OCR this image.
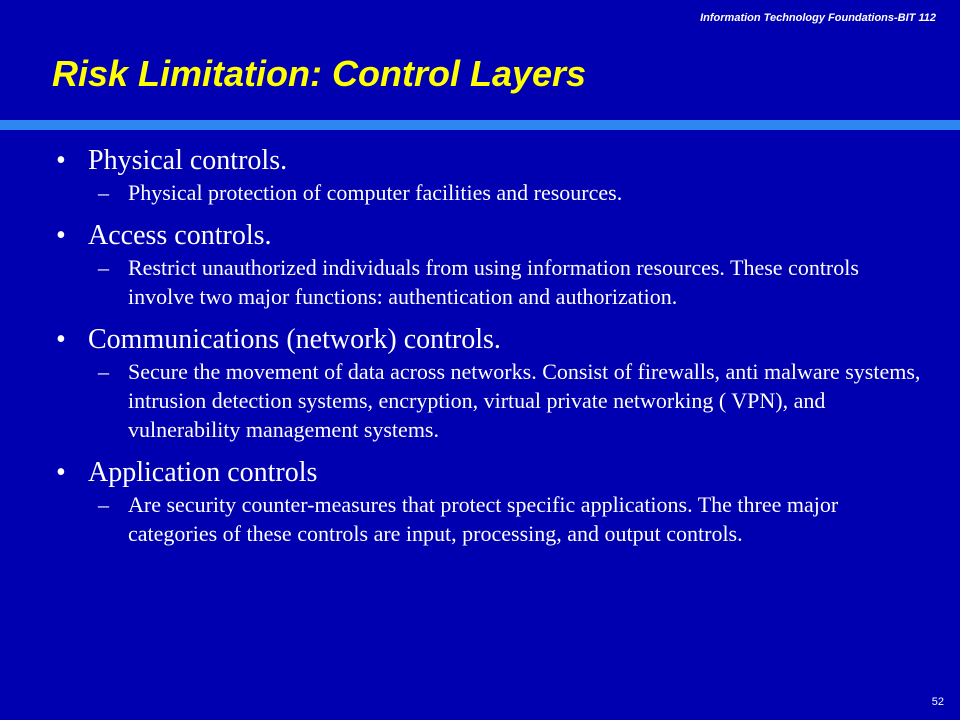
Information Technology Foundations-BIT 112
Risk Limitation: Control Layers
• Physical controls.
– Physical protection of computer facilities and resources.
• Access controls.
– Restrict unauthorized individuals from using information resources. These controls involve two major functions: authentication and authorization.
• Communications (network) controls.
– Secure the movement of data across networks. Consist of firewalls, anti malware systems, intrusion detection systems, encryption, virtual private networking ( VPN), and vulnerability management systems.
• Application controls
– Are security counter-measures that protect specific applications. The three major categories of these controls are input, processing, and output controls.
52
